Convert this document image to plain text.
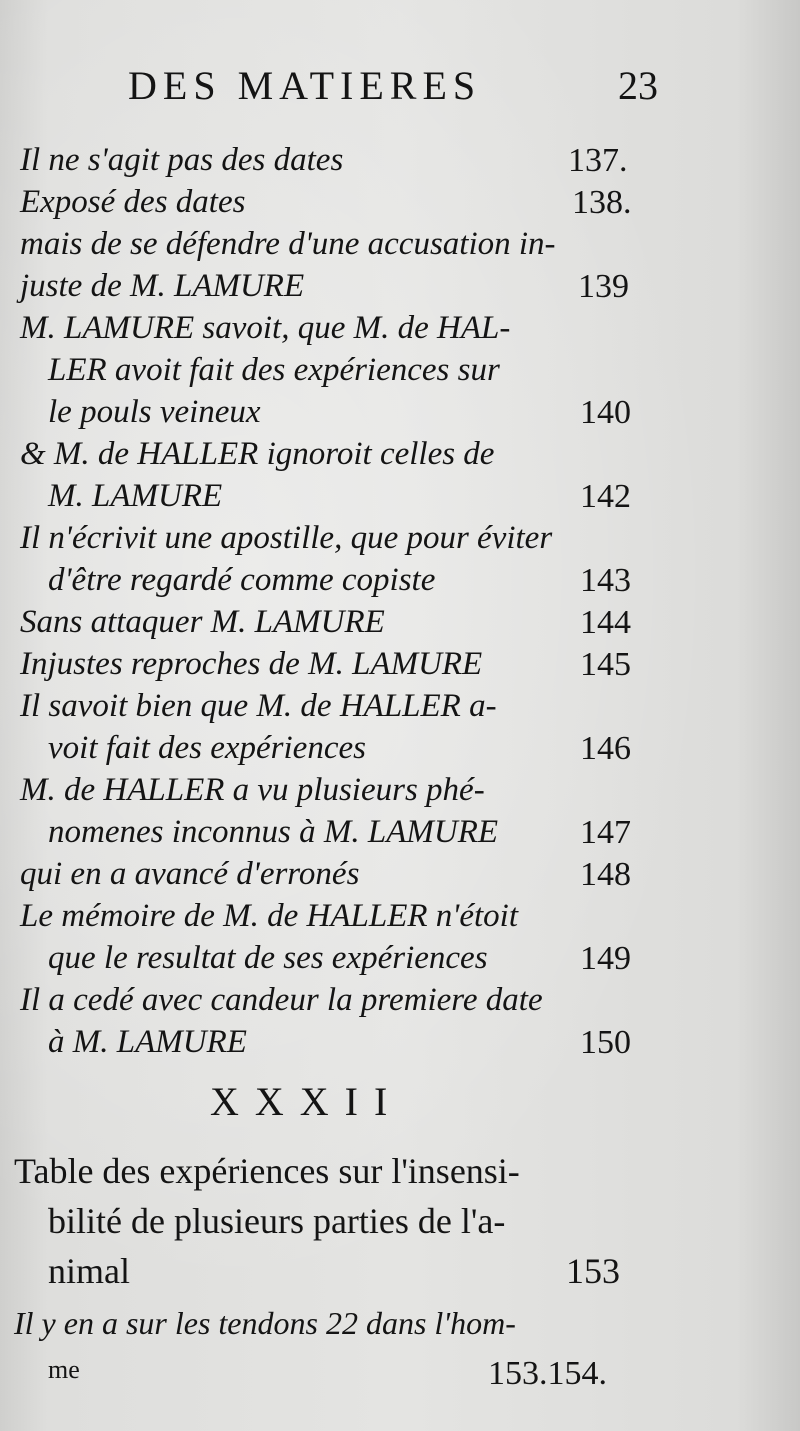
DES MATIERES	23
Il ne s'agit pas des dates	137.
Exposé des dates	138.
mais de se défendre d'une accusation in-
juste de M. LAMURE	139
M. LAMURE savoit, que M. de HAL-
LER avoit fait des expériences sur
le pouls veineux	140
& M. de HALLER ignoroit celles de
M. LAMURE	142
Il n'écrivit une apostille, que pour éviter
d'être regardé comme copiste	143
Sans attaquer M. LAMURE	144
Injustes reproches de M. LAMURE	145
Il savoit bien que M. de HALLER a-
voit fait des expériences	146
M. de HALLER a vu plusieurs phé-
nomenes inconnus à M. LAMURE 147
qui en a avancé d'erronés	148
Le mémoire de M. de HALLER n'étoit
que le resultat de ses expériences	149
Il a cedé avec candeur la premiere date
à M. LAMURE	150
XXXII
Table des expériences sur l'insensi-
bilité de plusieurs parties de l'a-
nimal	153
Il y en a sur les tendons 22 dans l'hom-
me	153.154.
